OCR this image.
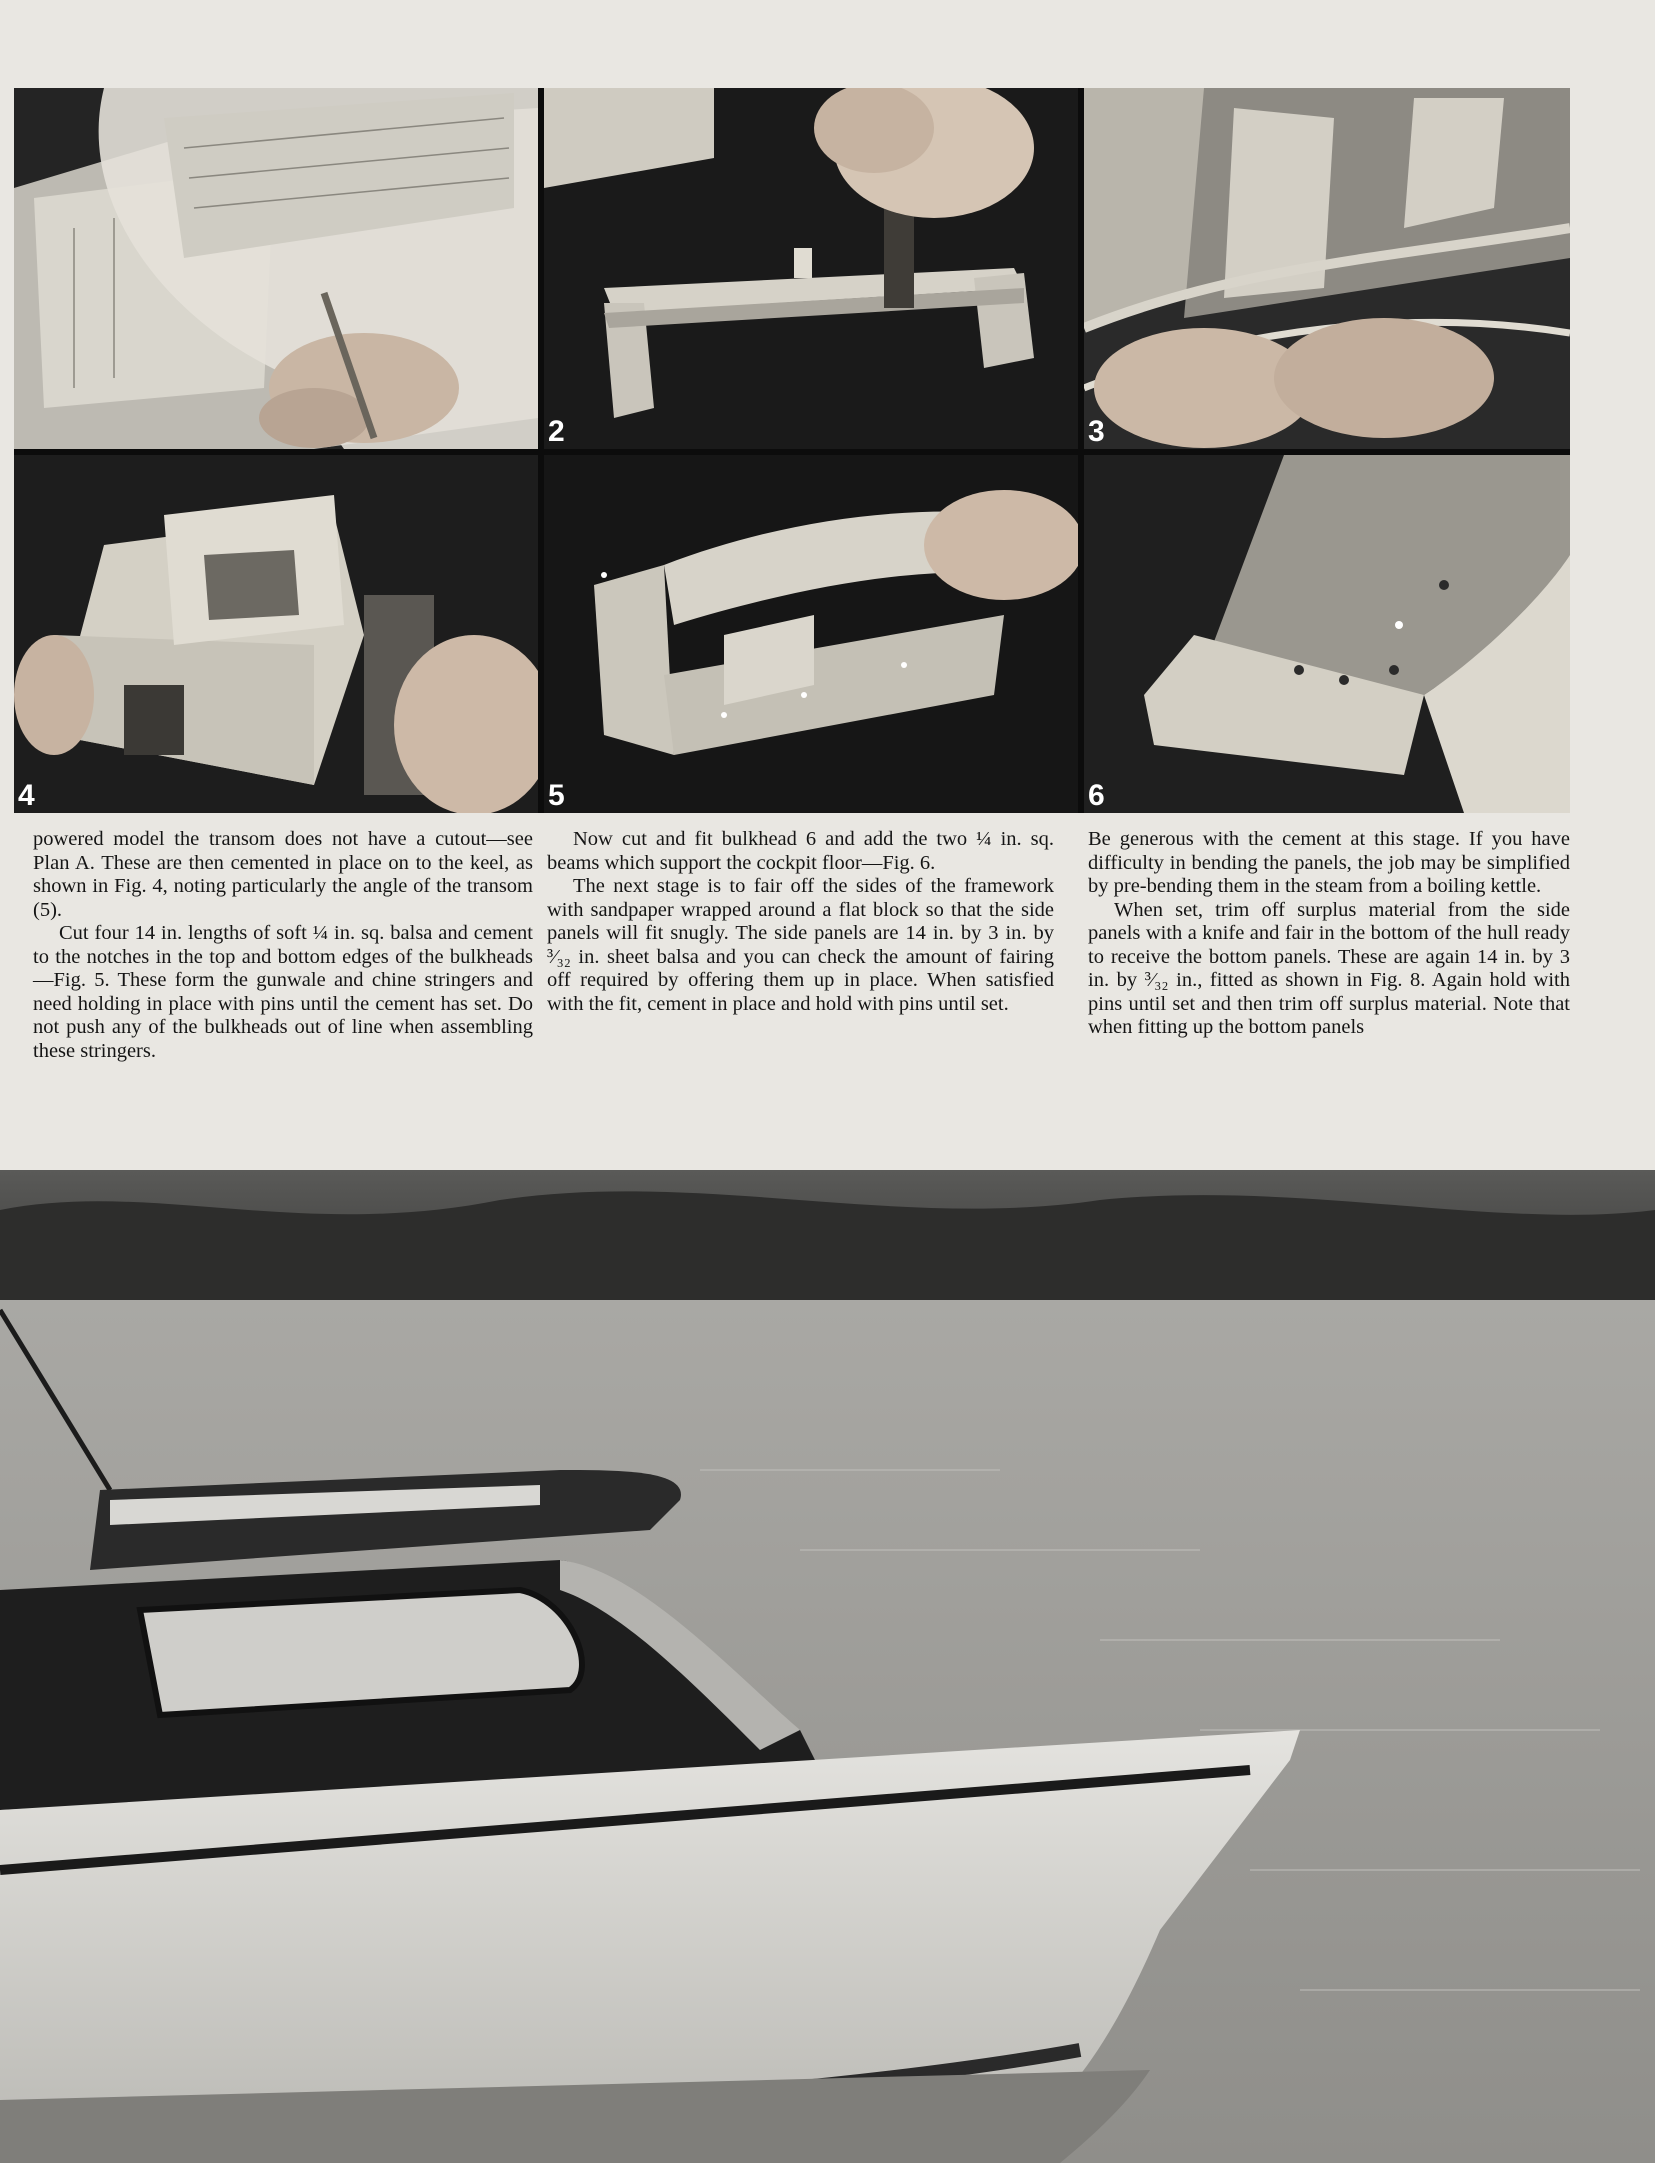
2	3
4	5	6

powered model the transom does not have a cutout—see Plan A. These are then cemented in place on to the keel, as shown in Fig. 4, noting particularly the angle of the transom (5).

Cut four 14 in. lengths of soft ¼ in. sq. balsa and cement to the notches in the top and bottom edges of the bulkheads—Fig. 5. These form the gunwale and chine stringers and need holding in place with pins until the cement has set. Do not push any of the bulkheads out of line when assembling these stringers.

Now cut and fit bulkhead 6 and add the two ¼ in. sq. beams which support the cockpit floor—Fig. 6.

The next stage is to fair off the sides of the framework with sandpaper wrapped around a flat block so that the side panels will fit snugly. The side panels are 14 in. by 3 in. by ³⁄₃₂ in. sheet balsa and you can check the amount of fairing off required by offering them up in place. When satisfied with the fit, cement in place and hold with pins until set.

Be generous with the cement at this stage. If you have difficulty in bending the panels, the job may be simplified by pre-bending them in the steam from a boiling kettle.

When set, trim off surplus material from the side panels with a knife and fair in the bottom of the hull ready to receive the bottom panels. These are again 14 in. by 3 in. by ³⁄₃₂ in., fitted as shown in Fig. 8. Again hold with pins until set and then trim off surplus material. Note that when fitting up the bottom panels
